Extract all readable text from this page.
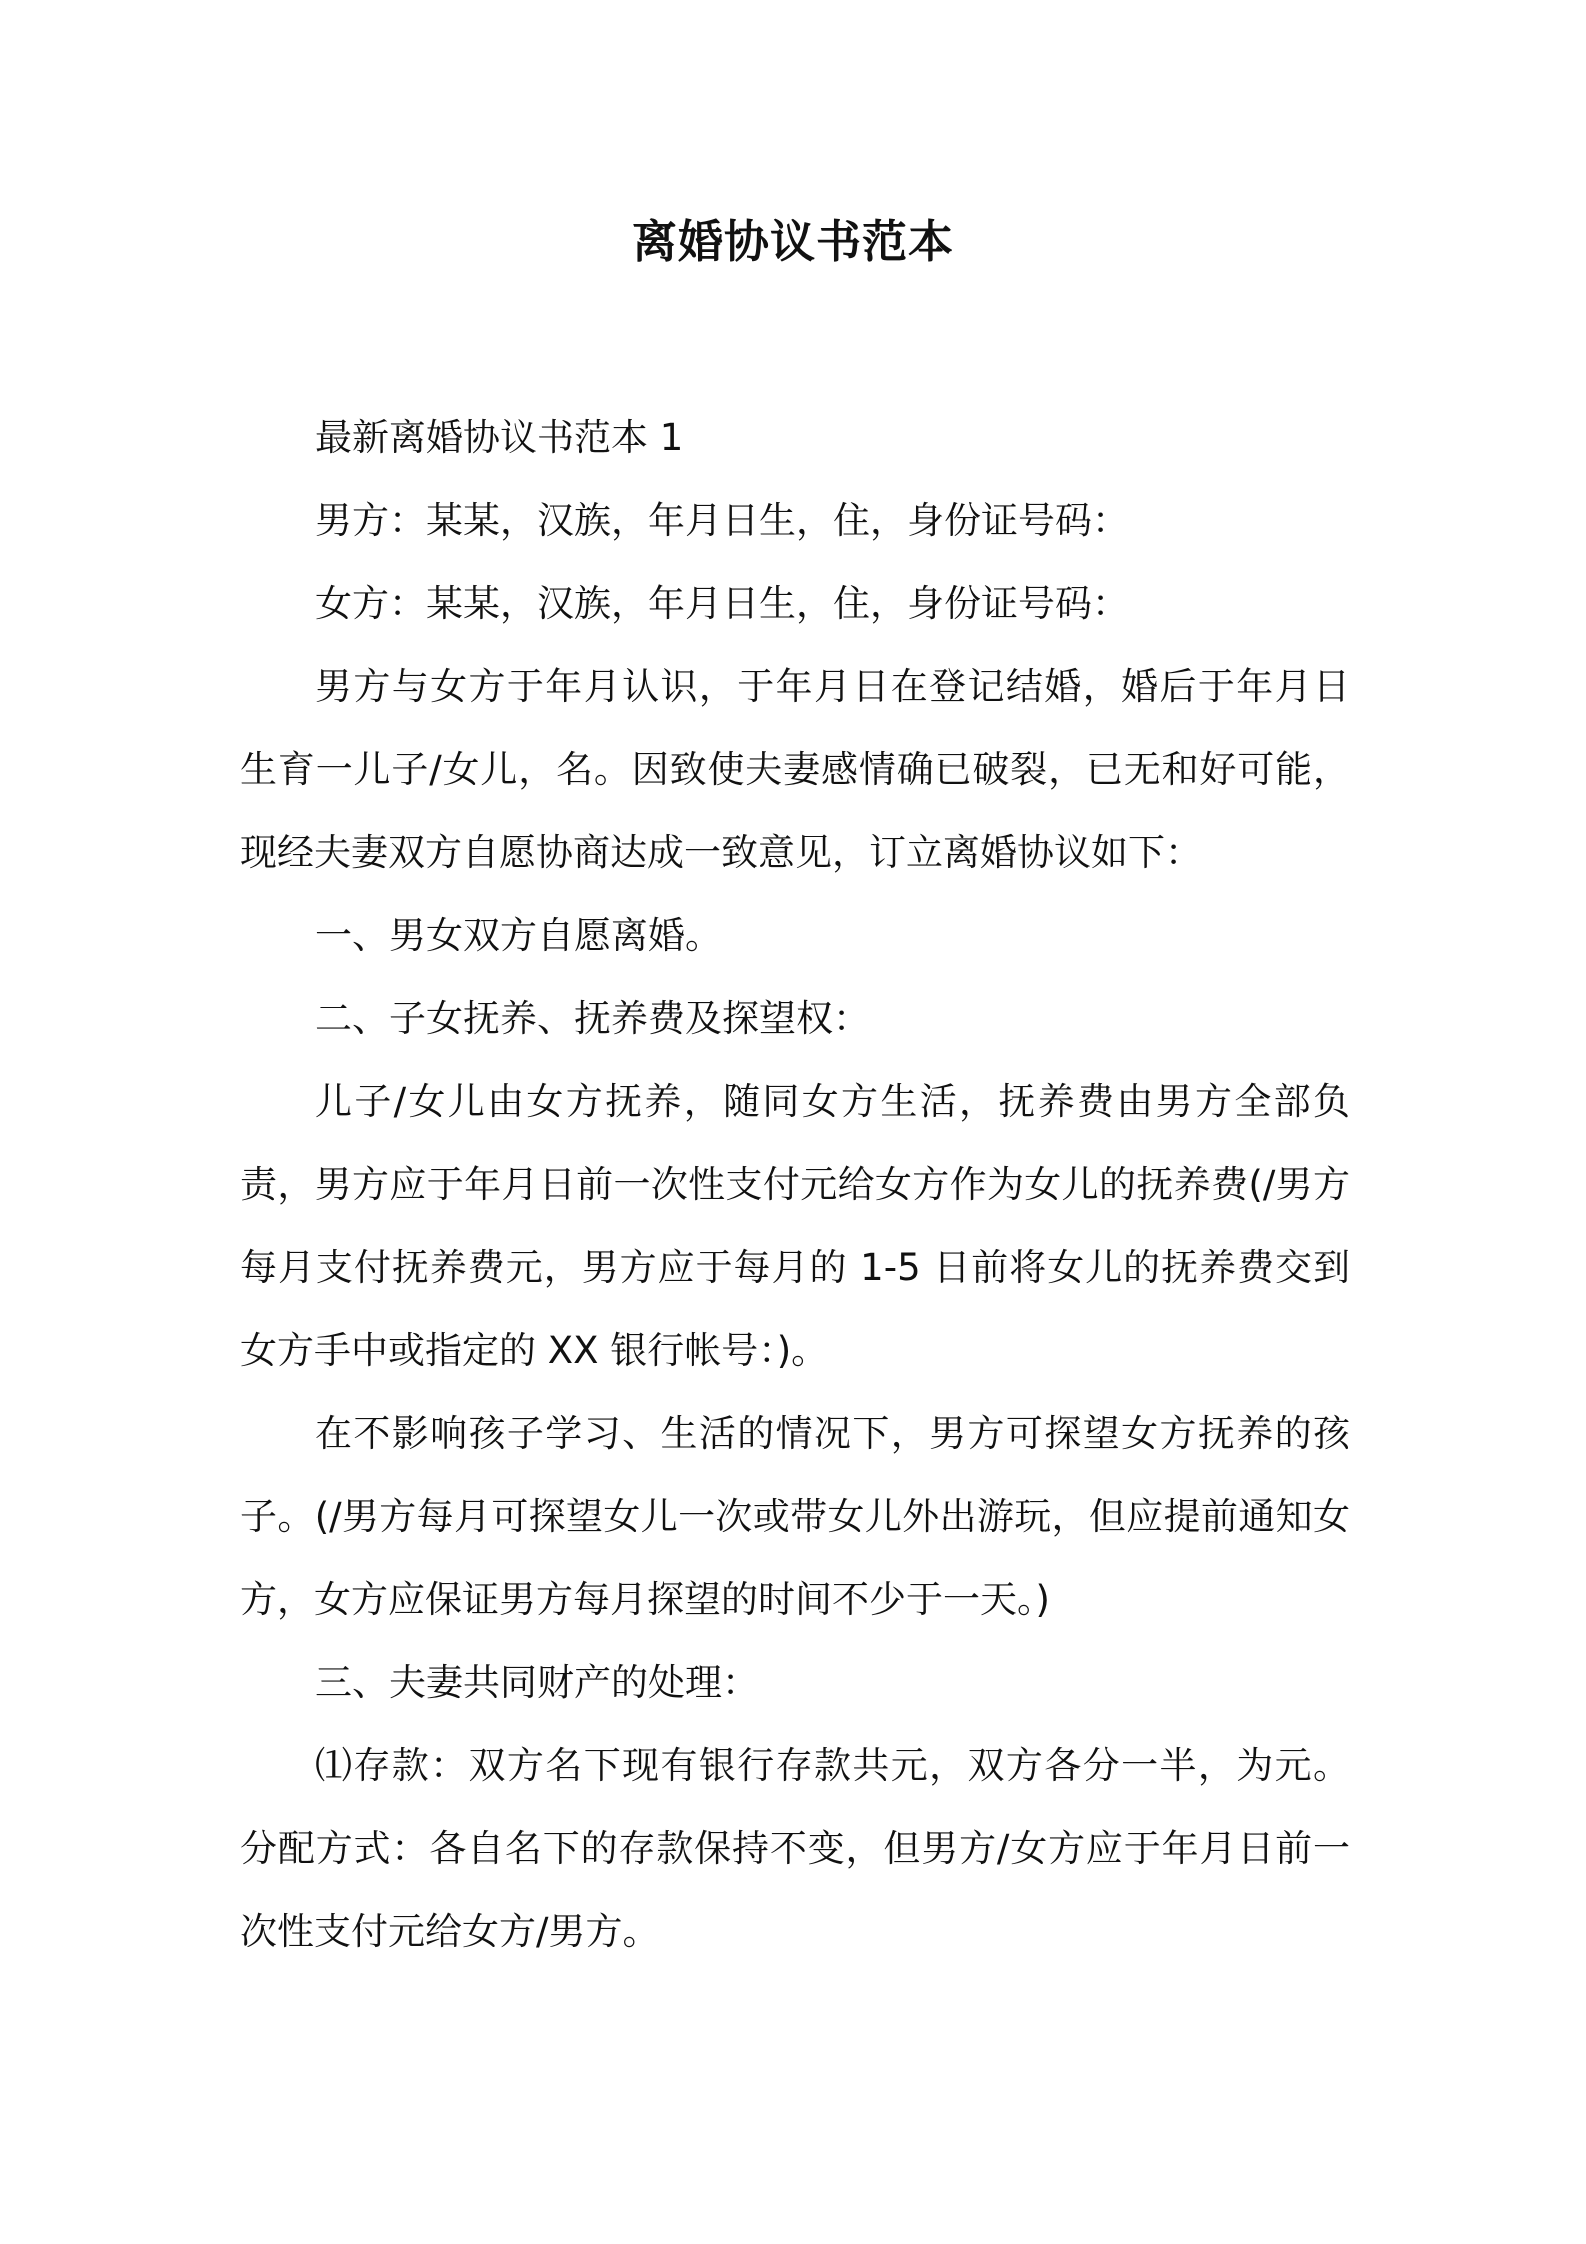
离婚协议书范本

最新离婚协议书范本 1

男方：某某，汉族，年月日生，住，身份证号码：

女方：某某，汉族，年月日生，住，身份证号码：

男方与女方于年月认识，于年月日在登记结婚，婚后于年月日生育一儿子/女儿，名。因致使夫妻感情确已破裂，已无和好可能，现经夫妻双方自愿协商达成一致意见，订立离婚协议如下：

一、男女双方自愿离婚。

二、子女抚养、抚养费及探望权：

儿子/女儿由女方抚养，随同女方生活，抚养费由男方全部负责，男方应于年月日前一次性支付元给女方作为女儿的抚养费(/男方每月支付抚养费元，男方应于每月的 1-5 日前将女儿的抚养费交到女方手中或指定的 XX 银行帐号：)。

在不影响孩子学习、生活的情况下，男方可探望女方抚养的孩子。(/男方每月可探望女儿一次或带女儿外出游玩，但应提前通知女方，女方应保证男方每月探望的时间不少于一天。)

三、夫妻共同财产的处理：

⑴存款：双方名下现有银行存款共元，双方各分一半，为元。分配方式：各自名下的存款保持不变，但男方/女方应于年月日前一次性支付元给女方/男方。
